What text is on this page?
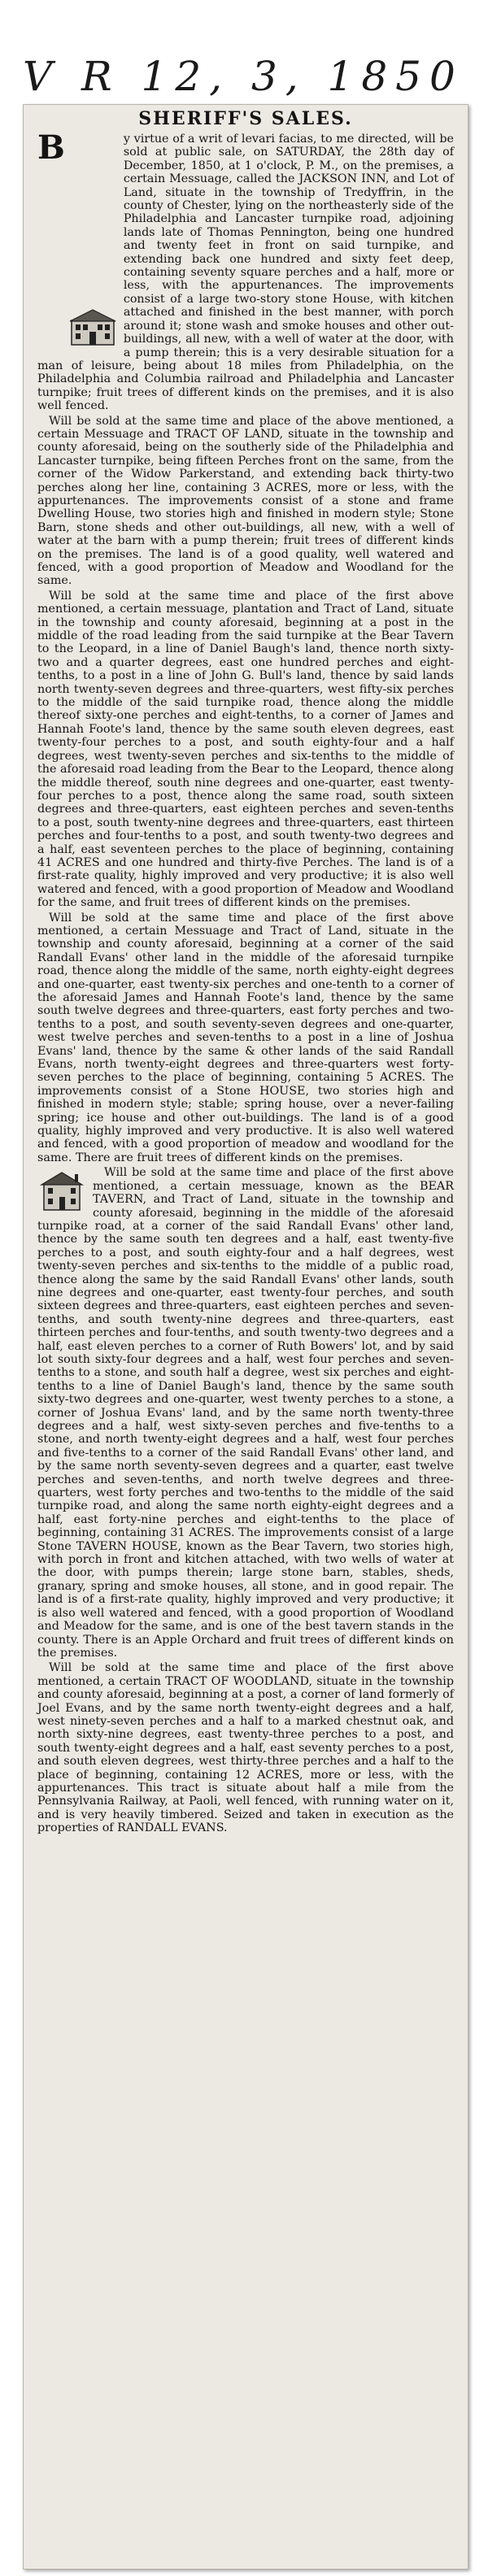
V R 12, 3, 1850
SHERIFF'S SALES.

B	y virtue of a writ of levari facias, to me directed, will be sold at public sale, on SATURDAY, the 28th day of December, 1850, at 1 o'clock, P. M., on the premises, a certain Messuage, called the JACKSON INN, and Lot of Land, situate in the township of Tredyffrin, in the county of Chester, lying on the northeasterly side of the Philadelphia and Lancaster turnpike road, adjoining lands late of Thomas Pennington, being one hundred and twenty feet in front on said turnpike, and extending back one hundred and sixty feet deep, containing seventy square perches and a half, more or less, with the appurtenances. The improvements consist of a large two-story stone House, with kitchen attached and finished in the best manner, with porch around it; stone wash and smoke houses and other out-buildings, all new, with a well of water at the door, with a pump therein; this is a very desirable situation for a man of leisure, being about 18 miles from Philadelphia, on the Philadelphia and Columbia railroad and Philadelphia and Lancaster turnpike; fruit trees of different kinds on the premises, and it is also well fenced.

Will be sold at the same time and place of the above mentioned, a certain Messuage and TRACT OF LAND, situate in the township and county aforesaid, being on the southerly side of the Philadelphia and Lancaster turnpike, being fifteen Perches front on the same, from the corner of the Widow Parkerstand, and extending back thirty-two perches along her line, containing 3 ACRES, more or less, with the appurtenances. The improvements consist of a stone and frame Dwelling House, two stories high and finished in modern style; Stone Barn, stone sheds and other out-buildings, all new, with a well of water at the barn with a pump therein; fruit trees of different kinds on the premises. The land is of a good quality, well watered and fenced, with a good proportion of Meadow and Woodland for the same.

Will be sold at the same time and place of the first above mentioned, a certain messuage, plantation and Tract of Land, situate in the township and county aforesaid, beginning at a post in the middle of the road leading from the said turnpike at the Bear Tavern to the Leopard, in a line of Daniel Baugh's land, thence north sixty-two and a quarter degrees, east one hundred perches and eight-tenths, to a post in a line of John G. Bull's land, thence by said lands north twenty-seven degrees and three-quarters, west fifty-six perches to the middle of the said turnpike road, thence along the middle thereof sixty-one perches and eight-tenths, to a corner of James and Hannah Foote's land, thence by the same south eleven degrees, east twenty-four perches to a post, and south eighty-four and a half degrees, west twenty-seven perches and six-tenths to the middle of the aforesaid road leading from the Bear to the Leopard, thence along the middle thereof, south nine degrees and one-quarter, east twenty-four perches to a post, thence along the same road, south sixteen degrees and three-quarters, east eighteen perches and seven-tenths to a post, south twenty-nine degrees and three-quarters, east thirteen perches and four-tenths to a post, and south twenty-two degrees and a half, east seventeen perches to the place of beginning, containing 41 ACRES and one hundred and thirty-five Perches. The land is of a first-rate quality, highly improved and very productive; it is also well watered and fenced, with a good proportion of Meadow and Woodland for the same, and fruit trees of different kinds on the premises.

Will be sold at the same time and place of the first above mentioned, a certain Messuage and Tract of Land, situate in the township and county aforesaid, beginning at a corner of the said Randall Evans' other land in the middle of the aforesaid turnpike road, thence along the middle of the same, north eighty-eight degrees and one-quarter, east twenty-six perches and one-tenth to a corner of the aforesaid James and Hannah Foote's land, thence by the same south twelve degrees and three-quarters, east forty perches and two-tenths to a post, and south seventy-seven degrees and one-quarter, west twelve perches and seven-tenths to a post in a line of Joshua Evans' land, thence by the same & other lands of the said Randall Evans, north twenty-eight degrees and three-quarters west forty-seven perches to the place of beginning, containing 5 ACRES. The improvements consist of a Stone HOUSE, two stories high and finished in modern style; stable; spring house, over a never-failing spring; ice house and other out-buildings. The land is of a good quality, highly improved and very productive. It is also well watered and fenced, with a good proportion of meadow and woodland for the same. There are fruit trees of different kinds on the premises.

Will be sold at the same time and place of the first above mentioned, a certain messuage, known as the BEAR TAVERN, and Tract of Land, situate in the township and county aforesaid, beginning in the middle of the aforesaid turnpike road, at a corner of the said Randall Evans' other land, thence by the same south ten degrees and a half, east twenty-five perches to a post, and south eighty-four and a half degrees, west twenty-seven perches and six-tenths to the middle of a public road, thence along the same by the said Randall Evans' other lands, south nine degrees and one-quarter, east twenty-four perches, and south sixteen degrees and three-quarters, east eighteen perches and seven-tenths, and south twenty-nine degrees and three-quarters, east thirteen perches and four-tenths, and south twenty-two degrees and a half, east eleven perches to a corner of Ruth Bowers' lot, and by said lot south sixty-four degrees and a half, west four perches and seven-tenths to a stone, and south half a degree, west six perches and eight-tenths to a line of Daniel Baugh's land, thence by the same south sixty-two degrees and one-quarter, west twenty perches to a stone, a corner of Joshua Evans' land, and by the same north twenty-three degrees and a half, west sixty-seven perches and five-tenths to a stone, and north twenty-eight degrees and a half, west four perches and five-tenths to a corner of the said Randall Evans' other land, and by the same north seventy-seven degrees and a quarter, east twelve perches and seven-tenths, and north twelve degrees and three-quarters, west forty perches and two-tenths to the middle of the said turnpike road, and along the same north eighty-eight degrees and a half, east forty-nine perches and eight-tenths to the place of beginning, containing 31 ACRES. The improvements consist of a large Stone TAVERN HOUSE, known as the Bear Tavern, two stories high, with porch in front and kitchen attached, with two wells of water at the door, with pumps therein; large stone barn, stables, sheds, granary, spring and smoke houses, all stone, and in good repair. The land is of a first-rate quality, highly improved and very productive; it is also well watered and fenced, with a good proportion of Woodland and Meadow for the same, and is one of the best tavern stands in the county. There is an Apple Orchard and fruit trees of different kinds on the premises.

Will be sold at the same time and place of the first above mentioned, a certain TRACT OF WOODLAND, situate in the township and county aforesaid, beginning at a post, a corner of land formerly of Joel Evans, and by the same north twenty-eight degrees and a half, west ninety-seven perches and a half to a marked chestnut oak, and north sixty-nine degrees, east twenty-three perches to a post, and south twenty-eight degrees and a half, east seventy perches to a post, and south eleven degrees, west thirty-three perches and a half to the place of beginning, containing 12 ACRES, more or less, with the appurtenances. This tract is situate about half a mile from the Pennsylvania Railway, at Paoli, well fenced, with running water on it, and is very heavily timbered. Seized and taken in execution as the properties of RANDALL EVANS.
